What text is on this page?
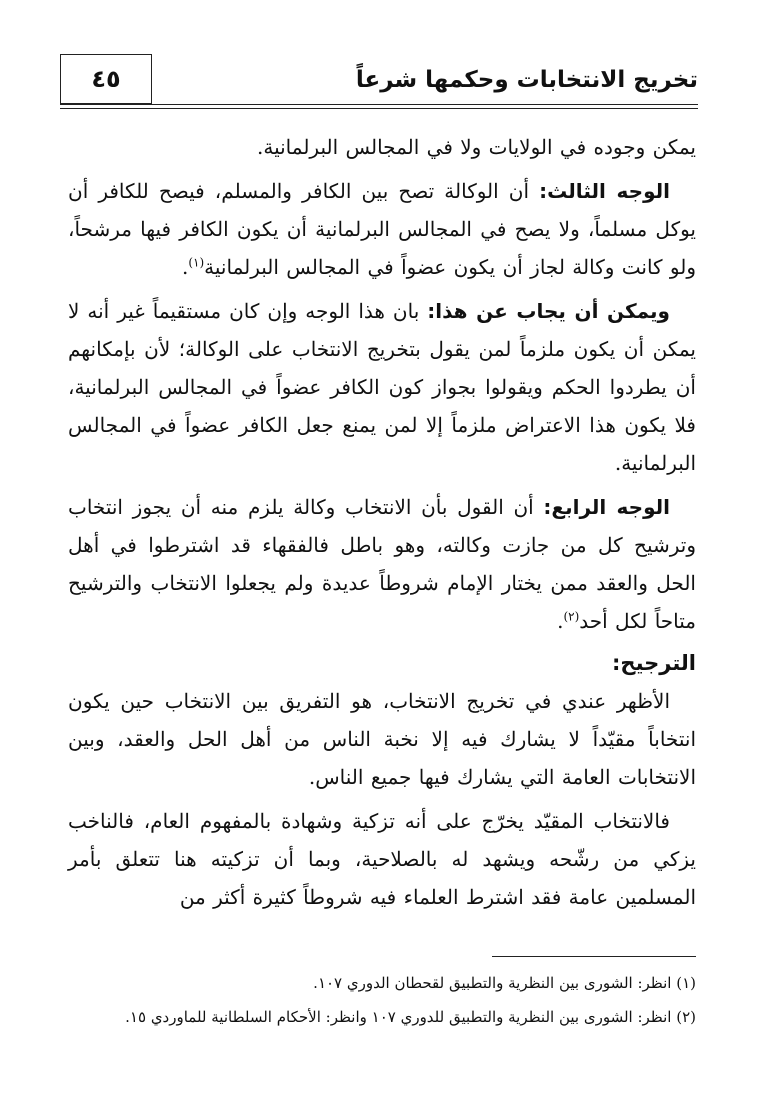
تخريج الانتخابات وحكمها شرعاً
٤٥

يمكن وجوده في الولايات ولا في المجالس البرلمانية.

الوجه الثالث: أن الوكالة تصح بين الكافر والمسلم، فيصح للكافر أن يوكل مسلماً، ولا يصح في المجالس البرلمانية أن يكون الكافر فيها مرشحاً، ولو كانت وكالة لجاز أن يكون عضواً في المجالس البرلمانية$^{(١)}$.

ويمكن أن يجاب عن هذا: بان هذا الوجه وإن كان مستقيماً غير أنه لا يمكن أن يكون ملزماً لمن يقول بتخريج الانتخاب على الوكالة؛ لأن بإمكانهم أن يطردوا الحكم ويقولوا بجواز كون الكافر عضواً في المجالس البرلمانية، فلا يكون هذا الاعتراض ملزماً إلا لمن يمنع جعل الكافر عضواً في المجالس البرلمانية.

الوجه الرابع: أن القول بأن الانتخاب وكالة يلزم منه أن يجوز انتخاب وترشيح كل من جازت وكالته، وهو باطل فالفقهاء قد اشترطوا في أهل الحل والعقد ممن يختار الإمام شروطاً عديدة ولم يجعلوا الانتخاب والترشيح متاحاً لكل أحد$^{(٢)}$.

الترجيح:

الأظهر عندي في تخريج الانتخاب، هو التفريق بين الانتخاب حين يكون انتخاباً مقيّداً لا يشارك فيه إلا نخبة الناس من أهل الحل والعقد، وبين الانتخابات العامة التي يشارك فيها جميع الناس.

فالانتخاب المقيّد يخرّج على أنه تزكية وشهادة بالمفهوم العام، فالناخب يزكي من رشّحه ويشهد له بالصلاحية، وبما أن تزكيته هنا تتعلق بأمر المسلمين عامة فقد اشترط العلماء فيه شروطاً كثيرة أكثر من

(١) انظر: الشورى بين النظرية والتطبيق لقحطان الدوري ١٠٧.

(٢) انظر: الشورى بين النظرية والتطبيق للدوري ١٠٧ وانظر: الأحكام السلطانية للماوردي ١٥.
